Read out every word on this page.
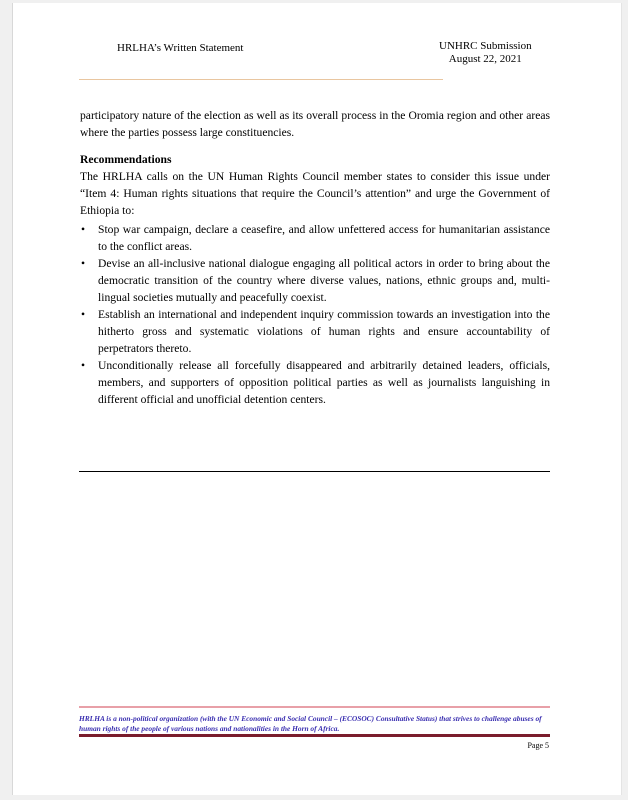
HRLHA’s Written Statement	UNHRC Submission
August 22, 2021

participatory nature of the election as well as its overall process in the Oromia region and other areas where the parties possess large constituencies.

Recommendations

The HRLHA calls on the UN Human Rights Council member states to consider this issue under “Item 4: Human rights situations that require the Council’s attention” and urge the Government of Ethiopia to:

• Stop war campaign, declare a ceasefire, and allow unfettered access for humanitarian assistance to the conflict areas.
• Devise an all-inclusive national dialogue engaging all political actors in order to bring about the democratic transition of the country where diverse values, nations, ethnic groups and, multi-lingual societies mutually and peacefully coexist.
• Establish an international and independent inquiry commission towards an investigation into the hitherto gross and systematic violations of human rights and ensure accountability of perpetrators thereto.
• Unconditionally release all forcefully disappeared and arbitrarily detained leaders, officials, members, and supporters of opposition political parties as well as journalists languishing in different official and unofficial detention centers.
HRLHA is a non-political organization (with the UN Economic and Social Council – (ECOSOC) Consultative Status) that strives to challenge abuses of human rights of the people of various nations and nationalities in the Horn of Africa.
Page 5
